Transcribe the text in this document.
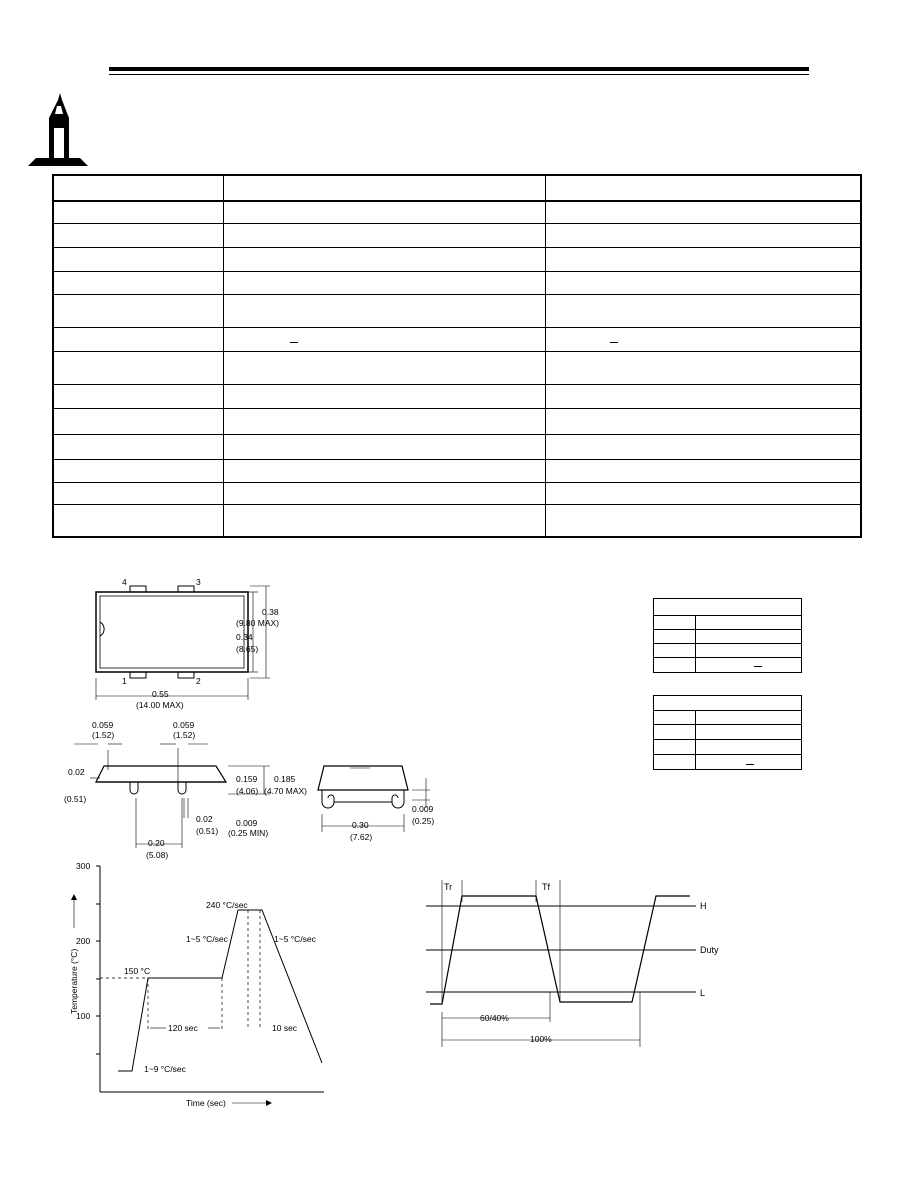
4	3
1	2
0.38
(9.80 MAX)
0.34
(8.65)
0.55
(14.00 MAX)
0.059
(1.52)
0.059
(1.52)
0.02
(0.51)
0.159
(4.06)
0.185
(4.70 MAX)
0.02
(0.51)
0.009
(0.25 MIN)
0.20
(5.08)
0.30
(7.62)
0.009
(0.25)
300
200
100
Temperature (°C)	150 °C
240 °C/sec
1~5 °C/sec	1~5 °C/sec
120 sec	10 sec
1~9 °C/sec
Time (sec)
Tr	Tf
H
Duty
L
60/40%
100%
